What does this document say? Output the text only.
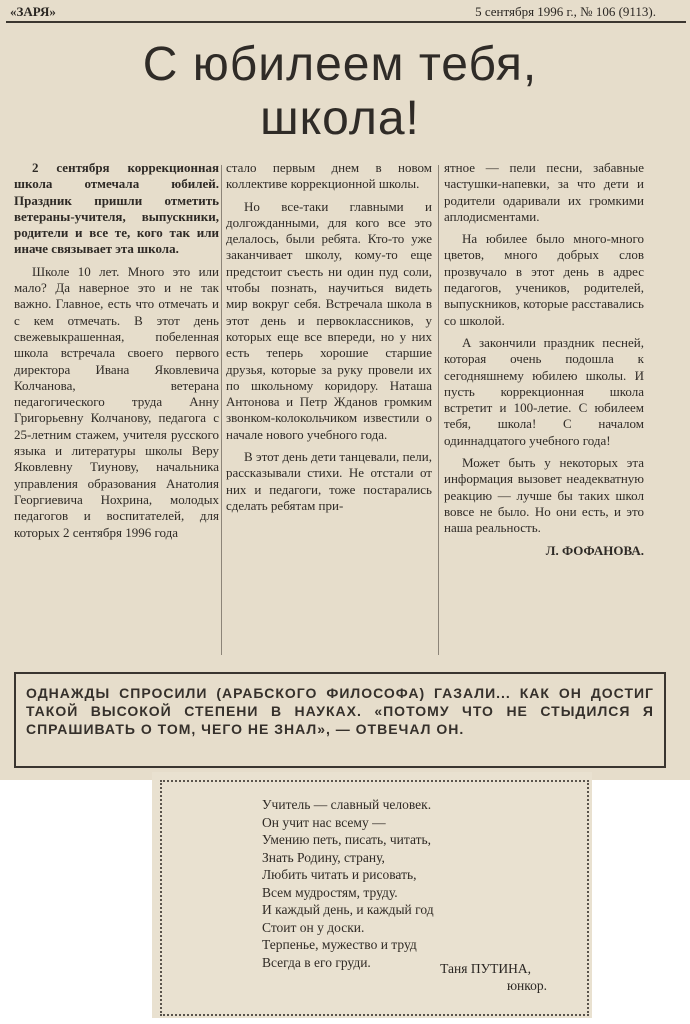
«ЗАРЯ»	5 сентября 1996 г., № 106 (9113).
С юбилеем тебя, школа!

2 сентября коррекционная школа отмечала юбилей. Праздник пришли отметить ветераны-учителя, выпускники, родители и все те, кого так или иначе связывает эта школа.

Школе 10 лет. Много это или мало? Да наверное это и не так важно. Главное, есть что отмечать и с кем отмечать. В этот день свежевыкрашенная, побеленная школа встречала своего первого директора Ивана Яковлевича Колчанова, ветерана педагогического труда Анну Григорьевну Колчанову, педагога с 25-летним стажем, учителя русского языка и литературы школы Веру Яковлевну Тиунову, начальника управления образования Анатолия Георгиевича Нохрина, молодых педагогов и воспитателей, для которых 2 сентября 1996 года

стало первым днем в новом коллективе коррекционной школы.

Но все-таки главными и долгожданными, для кого все это делалось, были ребята. Кто-то уже заканчивает школу, кому-то еще предстоит съесть ни один пуд соли, чтобы познать, научиться видеть мир вокруг себя. Встречала школа в этот день и первоклассников, у которых еще все впереди, но у них есть теперь хорошие старшие друзья, которые за руку провели их по школьному коридору. Наташа Антонова и Петр Жданов громким звонком-колокольчиком известили о начале нового учебного года.

В этот день дети танцевали, пели, рассказывали стихи. Не отстали от них и педагоги, тоже постарались сделать ребятам при-

ятное — пели песни, забавные частушки-напевки, за что дети и родители одаривали их громкими аплодисментами.

На юбилее было много-много цветов, много добрых слов прозвучало в этот день в адрес педагогов, учеников, родителей, выпускников, которые расставались со школой.

А закончили праздник песней, которая очень подошла к сегодняшнему юбилею школы. И пусть коррекционная школа встретит и 100-летие. С юбилеем тебя, школа! С началом одиннадцатого учебного года!

Может быть у некоторых эта информация вызовет неадекватную реакцию — лучше бы таких школ вовсе не было. Но они есть, и это наша реальность.

Л. ФОФАНОВА.

ОДНАЖДЫ СПРОСИЛИ (АРАБСКОГО ФИЛОСОФА) ГАЗАЛИ... КАК ОН ДОСТИГ ТАКОЙ ВЫСОКОЙ СТЕПЕНИ В НАУКАХ. «ПОТОМУ ЧТО НЕ СТЫДИЛСЯ Я СПРАШИВАТЬ О ТОМ, ЧЕГО НЕ ЗНАЛ», — ОТВЕЧАЛ ОН.
Учитель — славный человек.
Он учит нас всему —
Умению петь, писать, читать,
Знать Родину, страну,
Любить читать и рисовать,
Всем мудростям, труду.
И каждый день, и каждый год
Стоит он у доски.
Терпенье, мужество и труд
Всегда в его груди.	Таня ПУТИНА,
юнкор.
